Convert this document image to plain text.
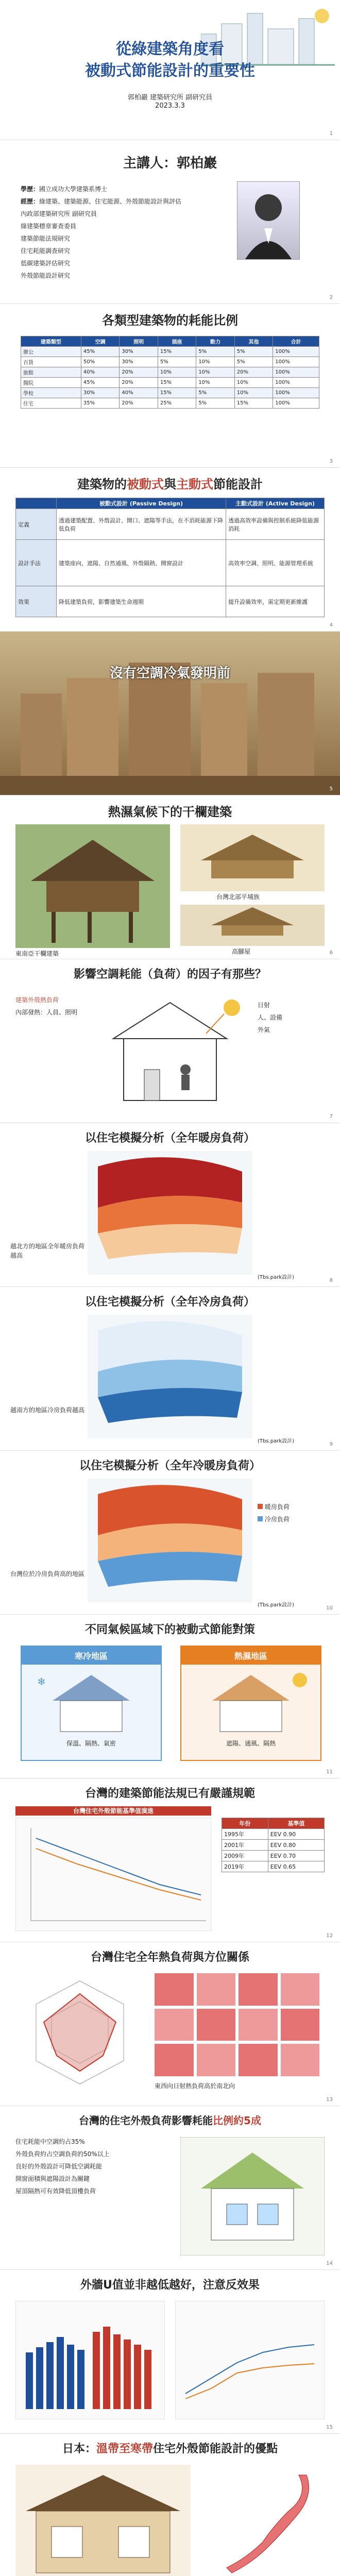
從綠建築角度看
被動式節能設計的重要性
郭柏巖 建築研究所 副研究員
2023.3.3
1
主講人：郭柏巖
學歷：國立成功大學建築系博士
經歷：綠建築、建築能源、住宅能源、外殼節能設計與評估
內政部建築研究所 副研究員
綠建築標章審查委員
建築節能法規研究
住宅耗能調查研究
低碳建築評估研究
外殼節能設計研究
2
各類型建築物的耗能比例
建築類型	空調	照明	插座	動力	其他	合計
辦公	45%	30%	15%	5%	5%	100%
百貨	50%	30%	5%	10%	5%	100%
旅館	40%	20%	10%	10%	20%	100%
醫院	45%	20%	15%	10%	10%	100%
學校	30%	40%	15%	5%	10%	100%
住宅	35%	20%	25%	5%	15%	100%
3
建築物的被動式與主動式節能設計
	被動式設計 (Passive Design)	主動式設計 (Active Design)
定義	透過建築配置、外殼設計、開口、遮陽等手法，在不消耗能源下降低負荷	透過高效率設備與控制系統降低能源消耗
設計手法	建築座向、遮陽、自然通風、外殼隔熱、開窗設計	高效率空調、照明、能源管理系統
效果	降低建築負荷，影響建築生命週期	提升設備效率，需定期更新維護
4
沒有空調冷氣發明前
5
熱濕氣候下的干欄建築
東南亞干欄建築
台灣北部平埔族
高腳屋	6
影響空調耗能（負荷）的因子有那些？
建築外殼熱負荷
內部發熱：人員、照明
日射
人、設備
外氣
7
以住宅模擬分析（全年暖房負荷）
越北方的地區全年暖房負荷越高
(Tbs.park設計)
8
以住宅模擬分析（全年冷房負荷）
越南方的地區冷房負荷越高
(Tbs.park設計)
9
以住宅模擬分析（全年冷暖房負荷）
暖房負荷
冷房負荷
台灣位於冷房負荷高的地區
(Tbs.park設計)
10
不同氣候區域下的被動式節能對策
寒冷地區
❄
保溫、隔熱、氣密
熱濕地區
遮陽、通風、隔熱
11
台灣的建築節能法規已有嚴謹規範
台灣住宅外殼節能基準值演進
年份	基準值
1995年	EEV 0.90
2001年	EEV 0.80
2009年	EEV 0.70
2019年	EEV 0.65
12
台灣住宅全年熱負荷與方位關係
東西向日射熱負荷高於南北向
13
台灣的住宅外殼負荷影響耗能比例約5成
住宅耗能中空調約占35%
外殼負荷約占空調負荷的50%以上
良好的外殼設計可降低空調耗能
開窗面積與遮陽設計為關鍵
屋頂隔熱可有效降低頂樓負荷
14
外牆U值並非越低越好，注意反效果
15
日本：溫帶至寒帶住宅外殼節能設計的優點
